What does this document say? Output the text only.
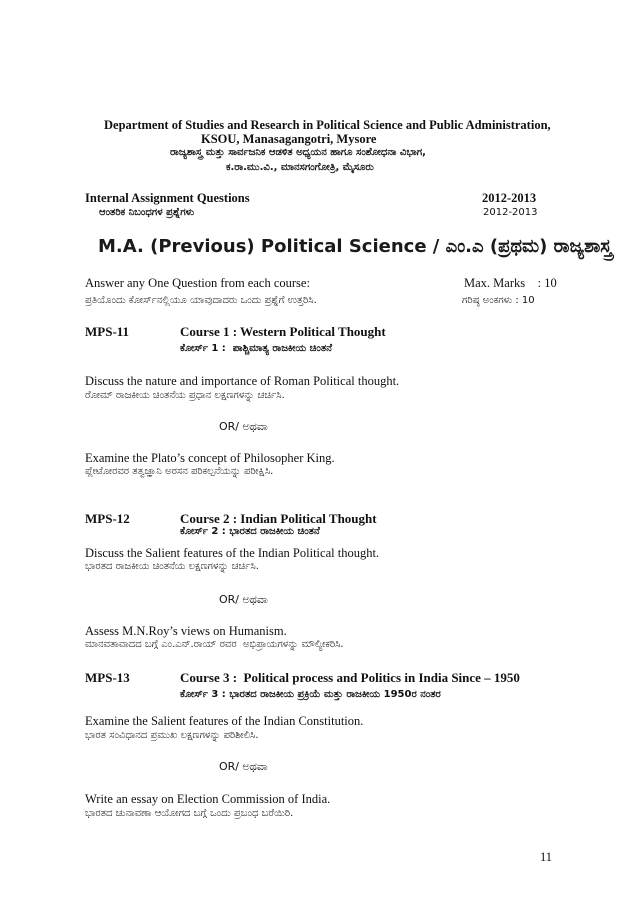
Department of Studies and Research in Political Science and Public Administration,
KSOU, Manasagangotri, Mysore
ರಾಜ್ಯಶಾಸ್ತ್ರ ಮತ್ತು ಸಾರ್ವಜನಿಕ ಆಡಳಿತ ಅಧ್ಯಯನ ಹಾಗೂ ಸಂಶೋಧನಾ ವಿಭಾಗ,
ಕ.ರಾ.ಮು.ವಿ., ಮಾನಸಗಂಗೋತ್ರಿ, ಮೈಸೂರು
Internal Assignment Questions	2012-2013
ಆಂತರಿಕ ನಿಬಂಧಗಳ ಪ್ರಶ್ನೆಗಳು	2012-2013
M.A. (Previous) Political Science / ಎಂ.ಎ (ಪ್ರಥಮ) ರಾಜ್ಯಶಾಸ್ತ್ರ
Answer any One Question from each course:	Max. Marks    : 10
ಪ್ರತಿಯೊಂದು ಕೋರ್ಸ್‌ನಲ್ಲಿಯೂ ಯಾವುದಾದರು ಒಂದು ಪ್ರಶ್ನೆಗೆ ಉತ್ತರಿಸಿ.	ಗರಿಷ್ಠ ಅಂಕಗಳು : 10
MPS-11	Course 1 : Western Political Thought
ಕೋರ್ಸ್ 1 :  ಪಾಶ್ಚಿಮಾತ್ಯ ರಾಜಕೀಯ ಚಿಂತನೆ
Discuss the nature and importance of Roman Political thought.
ರೋಮ್ ರಾಜಕೀಯ ಚಿಂತನೆಯ ಪ್ರಧಾನ ಲಕ್ಷಣಗಳನ್ನು ಚರ್ಚಿಸಿ.
OR/ ಅಥವಾ
Examine the Plato’s concept of Philosopher King.
ಪ್ಲೇಟೋರವರ ತತ್ವಜ್ಞಾನಿ ಅರಸನ ಪರಿಕಲ್ಪನೆಯನ್ನು ಪರೀಕ್ಷಿಸಿ.
MPS-12	Course 2 : Indian Political Thought
ಕೋರ್ಸ್ 2 : ಭಾರತದ ರಾಜಕೀಯ ಚಿಂತನೆ
Discuss the Salient features of the Indian Political thought.
ಭಾರತದ ರಾಜಕೀಯ ಚಿಂತನೆಯ ಲಕ್ಷಣಗಳನ್ನು ಚರ್ಚಿಸಿ.
OR/ ಅಥವಾ
Assess M.N.Roy’s views on Humanism.
ಮಾನವತಾವಾದದ ಬಗ್ಗೆ ಎಂ.ಎನ್.ರಾಯ್ ರವರ  ಅಭಿಪ್ರಾಯಗಳನ್ನು ಮೌಲ್ಯೀಕರಿಸಿ.
MPS-13	Course 3 :  Political process and Politics in India Since – 1950
ಕೋರ್ಸ್ 3 : ಭಾರತದ ರಾಜಕೀಯ ಪ್ರಕ್ರಿಯೆ ಮತ್ತು ರಾಜಕೀಯ 1950ರ ನಂತರ
Examine the Salient features of the Indian Constitution.
ಭಾರತ ಸಂವಿಧಾನದ ಪ್ರಮುಖ ಲಕ್ಷಣಗಳನ್ನು ಪರಿಶೀಲಿಸಿ.
OR/ ಅಥವಾ
Write an essay on Election Commission of India.
ಭಾರತದ ಚುನಾವಣಾ ಆಯೋಗದ ಬಗ್ಗೆ ಒಂದು ಪ್ರಬಂಧ ಬರೆಯಿರಿ.
11
